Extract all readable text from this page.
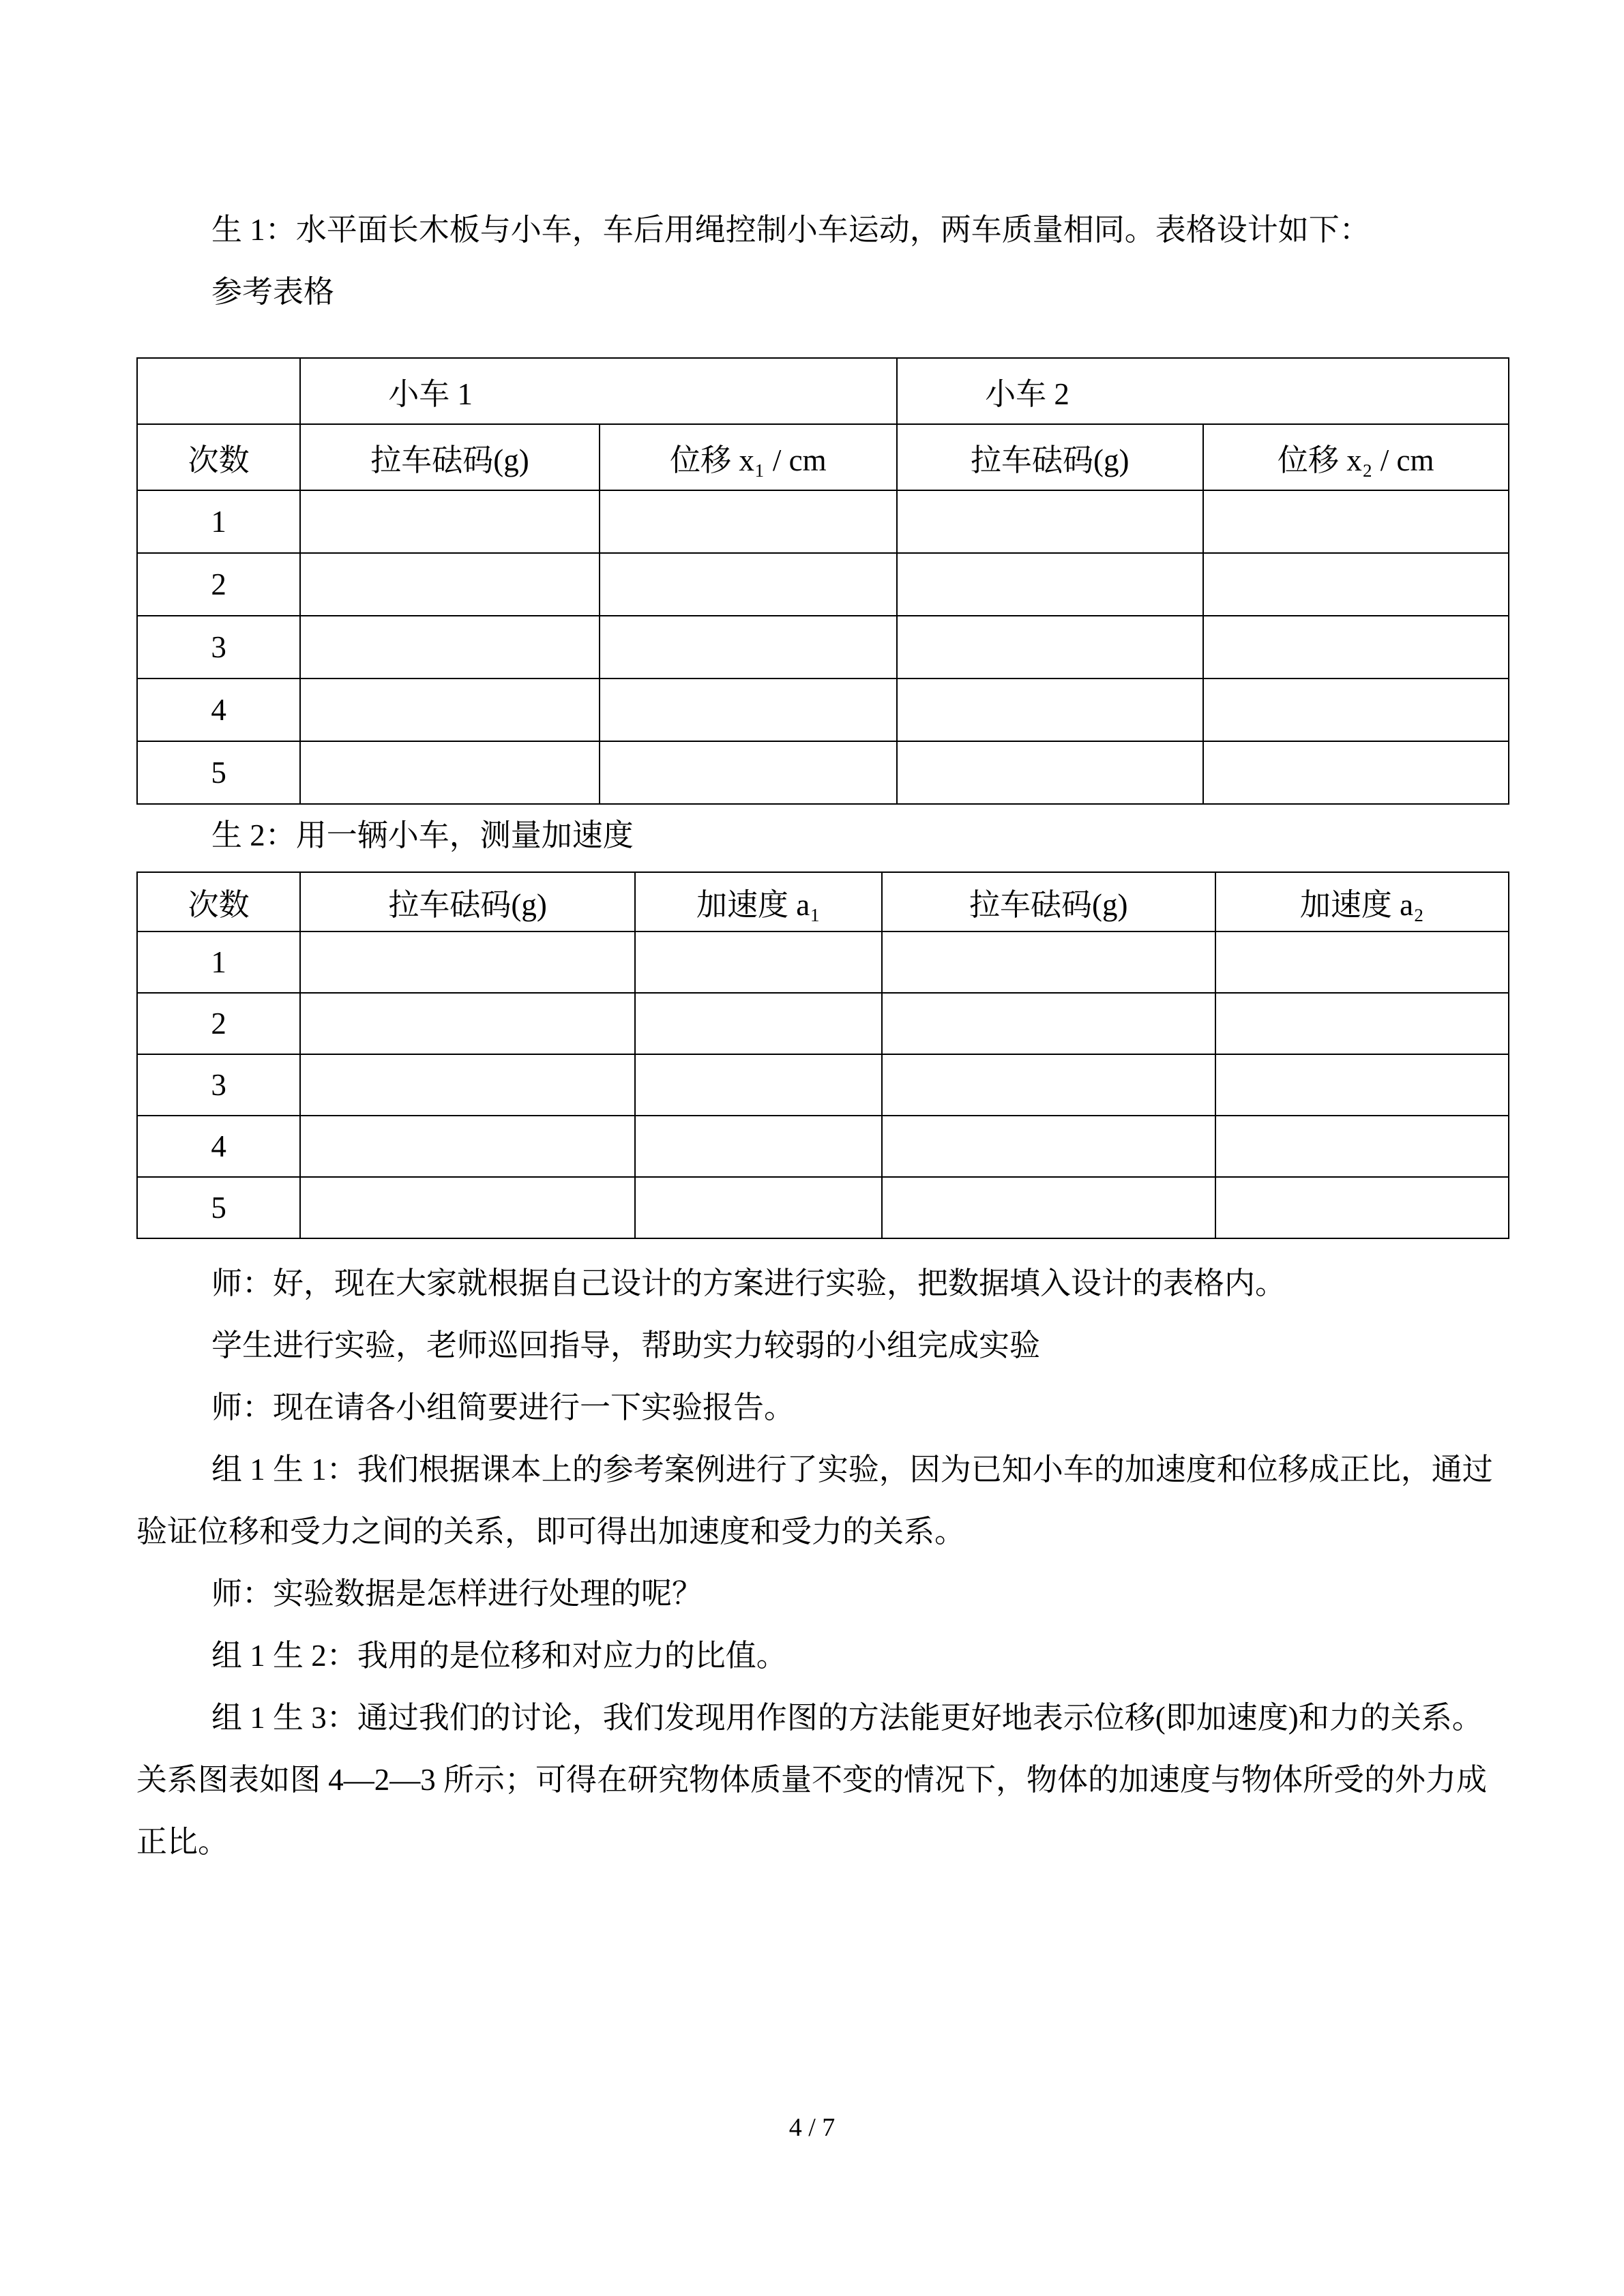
生 1：水平面长木板与小车，车后用绳控制小车运动，两车质量相同。表格设计如下：

参考表格

	小车 1		小车 2	
次数	拉车砝码(g)	位移 x₁ / cm	拉车砝码(g)	位移 x₂ / cm
1				
2				
3				
4				
5				

生 2：用一辆小车，测量加速度

次数	拉车砝码(g)	加速度 a₁	拉车砝码(g)	加速度 a₂
1				
2				
3				
4				
5				

师：好，现在大家就根据自己设计的方案进行实验，把数据填入设计的表格内。

学生进行实验，老师巡回指导，帮助实力较弱的小组完成实验

师：现在请各小组简要进行一下实验报告。

组 1 生 1：我们根据课本上的参考案例进行了实验，因为已知小车的加速度和位移成正比，通过验证位移和受力之间的关系，即可得出加速度和受力的关系。

师：实验数据是怎样进行处理的呢？

组 1 生 2：我用的是位移和对应力的比值。

组 1 生 3：通过我们的讨论，我们发现用作图的方法能更好地表示位移(即加速度)和力的关系。关系图表如图 4—2—3 所示；可得在研究物体质量不变的情况下，物体的加速度与物体所受的外力成正比。

4 / 7
